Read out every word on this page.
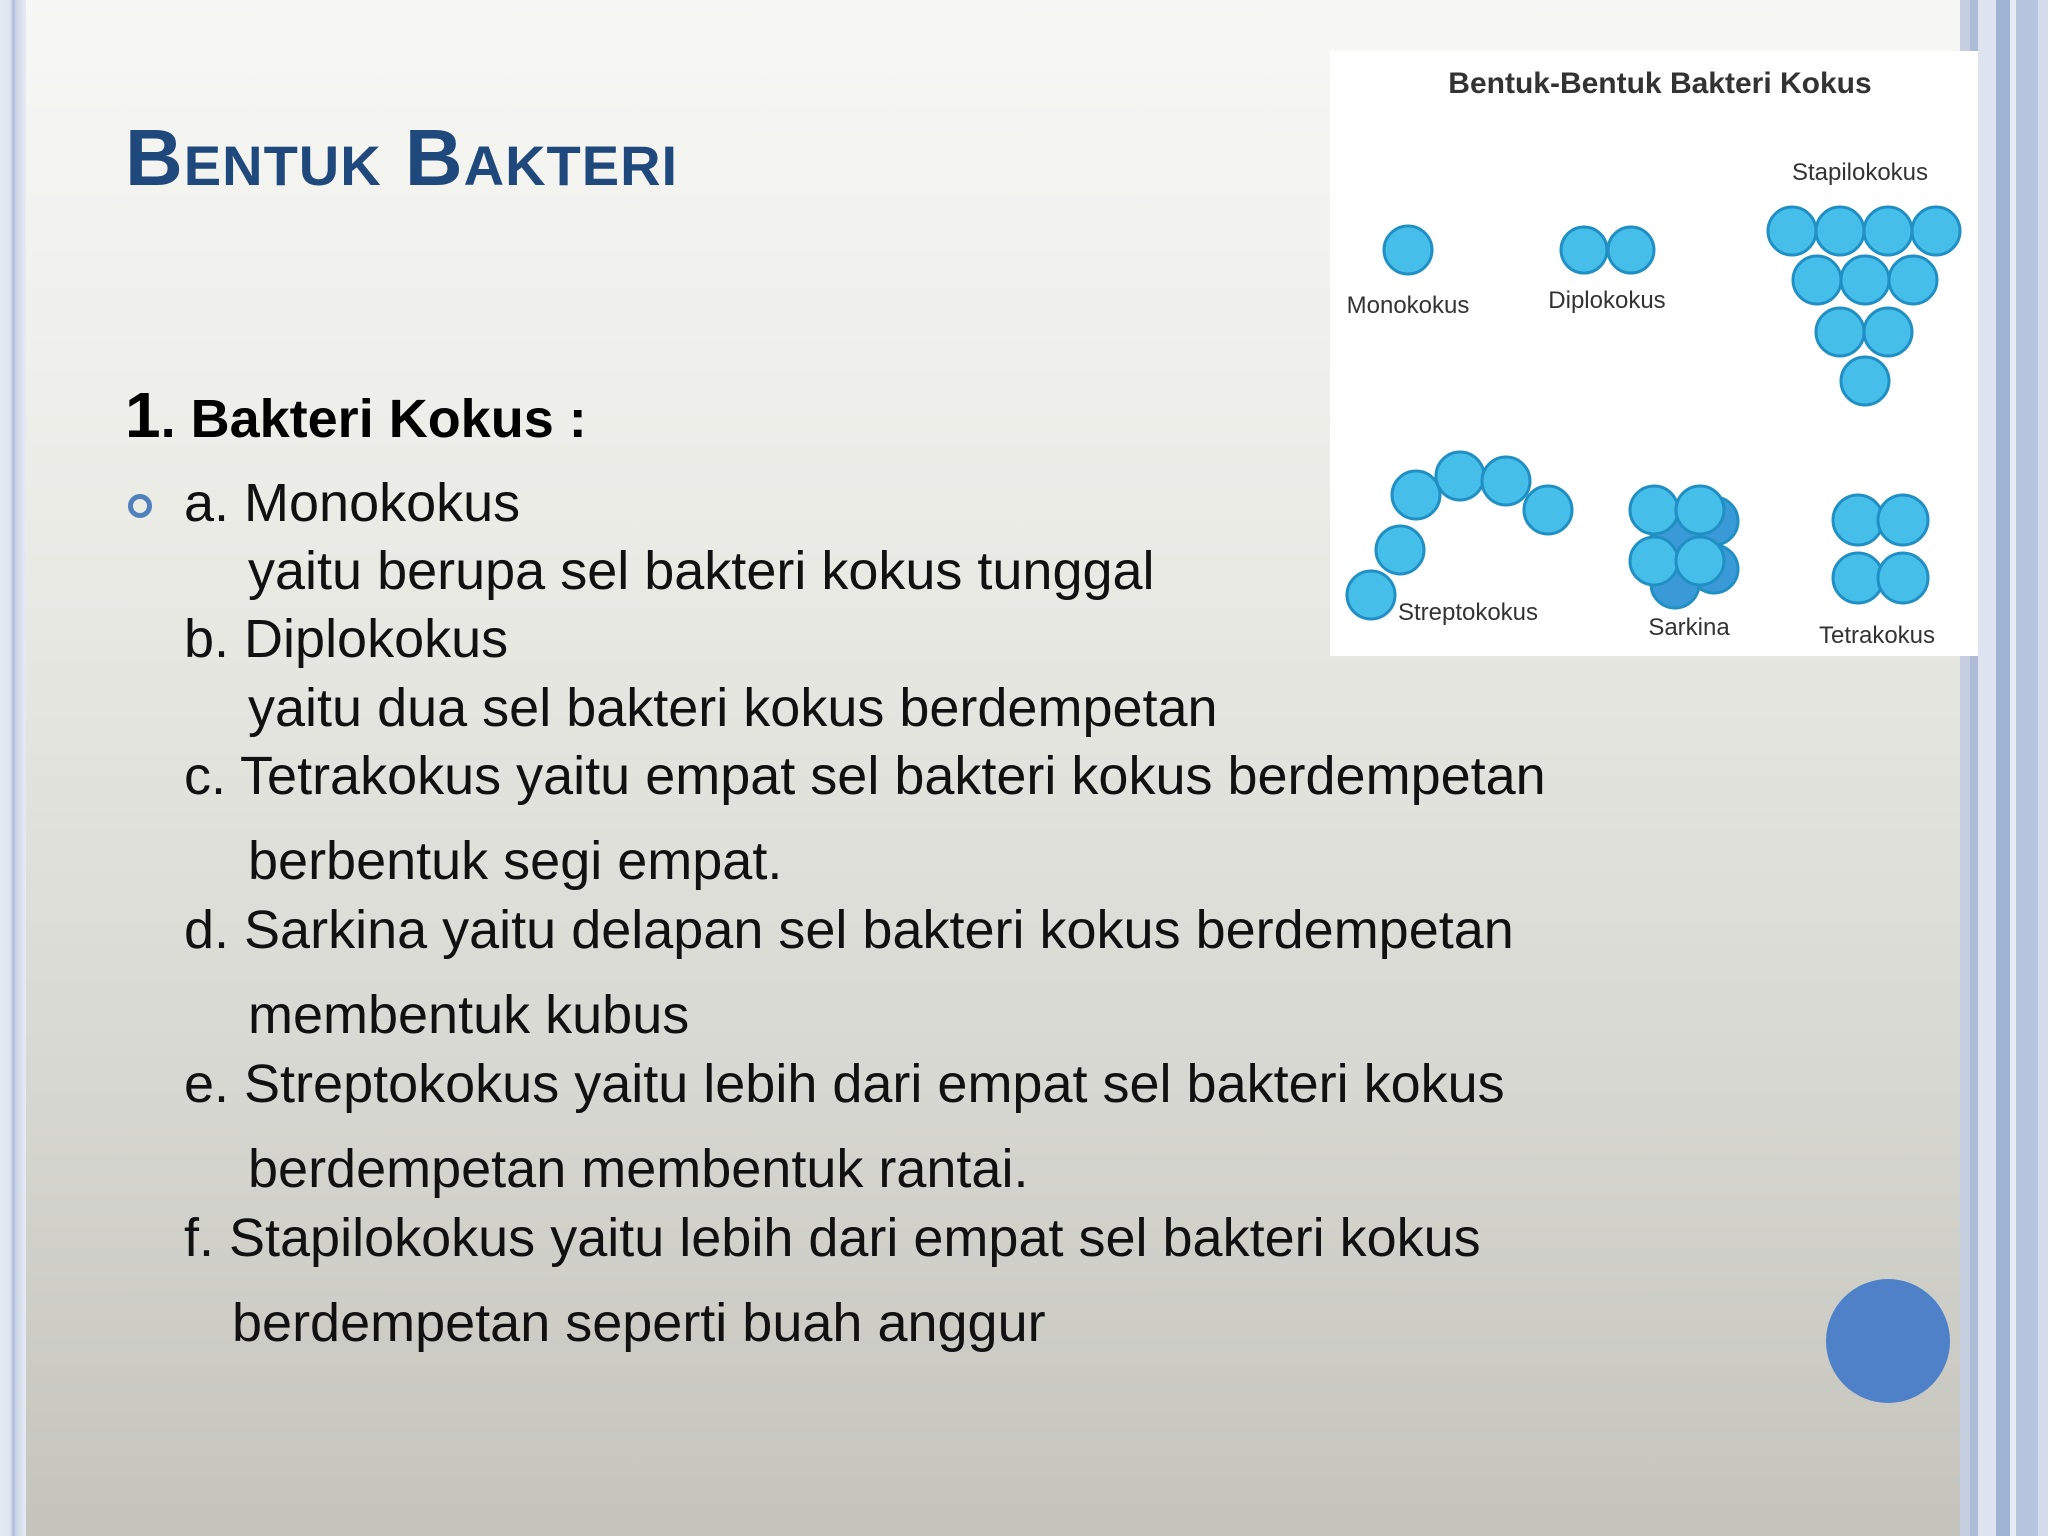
Bentuk Bakteri
1. Bakteri Kokus :
a. Monokokus
yaitu berupa sel bakteri kokus tunggal
b. Diplokokus
yaitu dua sel bakteri kokus berdempetan
c. Tetrakokus yaitu empat sel bakteri kokus berdempetan
berbentuk segi empat.
d. Sarkina yaitu delapan sel bakteri kokus berdempetan
membentuk kubus
e. Streptokokus yaitu lebih dari empat sel bakteri kokus
berdempetan membentuk rantai.
f. Stapilokokus yaitu lebih dari empat sel bakteri kokus
berdempetan seperti buah anggur
Bentuk-Bentuk Bakteri Kokus
Monokokus	Diplokokus
Stapilokokus
Streptokokus
Sarkina	Tetrakokus
